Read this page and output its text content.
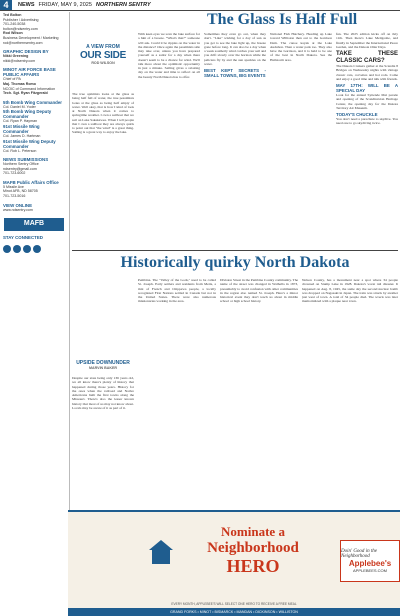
4	NEWS FRIDAY, MAY 9, 2025 NORTHERN SENTRY
Ted Bolton
Publisher / Advertising
701-240-5038
bolton@ndsentry.com
Rod Wilson
Business Development / Marketing
rod@northernsentry.com
GRAPHIC DESIGN BY
Nikki Greening
nikki@ndsentry.com
MINOT AIR FORCE BASE PUBLIC AFFAIRS
Chief of PA
Maj. Thomas Romo
NCOIC of Command Information
Tech. Sgt. Ryan Fitzgerald
5th Bomb Wing Commander
Col. Daniel M. Yoder
5th Bomb Wing Deputy Commander
Col. Ryan P. Hayman
91st Missile Wing Commander
Col. James D. Hartman
91st Missile Wing Deputy Commander
Col. Rob L. Peterson
NEWS SUBMISSIONS
Northern Sentry Office
ndsentry@gmail.com
701-723-6002
MAFB Public Affairs Office
5 Missile Ave
Minot AFB, ND 58705
701-723-5016
VIEW ONLINE
www.ndsentry.com
MAFB
STAY CONNECTED
The Glass Is Half Full
A VIEW FROM
OUR SIDE
ROD WILSON
The true optimists looks at the glass as being half full of water, the true pessimists looks at the glass as being half empty of water. Well okay, that is how I kind of look at North Dakota when it comes to springtime weather. I own a sailboat that we sail on Lake Sakakawea. When I tell people that I own a sailboat they are always quick to point out that "the wind" is a great thing. Sailing is a great way to enjoy the lake.
With keen eyes we scan the lake surface for a hint of a breeze. "What's that?" someone will ask. Could it be ripples on the water in the distance? Once again the pessimists side may take over, unless you have prepared yourself as a sailor for a day when there doesn't seem to be a chance for wind. We'll talk more about the optimistic opportunity in just a minute. Sailing gives a relaxing day on the water and time to reflect on all the beauty North Dakota has to offer.
Sometimes they even go out, when they don't. "Like" wishing for a day of sun as you get to see the lake light up, the breeze gone before long. It can also be a day when a weak southerly wind catches your sail and you drift slowly over the horizon while the pelicans fly by and the sun sparkles on the water.
BEST KEPT SECRETS - SMALL TOWNS, BIG EVENTS
National Fish Hatchery. Heading up Lake toward Williston then out to the Garrison Dam. The canoe kayak at the Lake Audubon. Then a water park too. They also have the Garrison, and it is held to be one of the best in North Dakota. See the Hailstorm area.
fun. The 2025 edition kicks off on July 11th. Then there's Lake Metigoshe, and finally in September the International Peace Garden, and the Dakota Oiler Days.
TAKE THESE CLASSIC CARS?
The Dakota Cruisers gather at the Scandia 8 Bridges on Wednesday nights with vintage classic cars, corvettes and hot rods. Come and enjoy a good time and talk with friends.
MAY 17TH: WILL BE A SPECIAL DAY
Look for the annual Syttende Mai parade and opening of the Scandinavian Heritage Center, the opening day for the Dakota Territory Air Museum.
TODAY'S CHUCKLE
You don't need a parachute to skydive. You need one to go skydiving twice.
Historically quirky North Dakota
UPSIDE DOWNUNDER
MARVIN BAKER
Despite our state being only 136 years old, we all know there's plenty of history that happened during those years. History for the ones when the railroad and Native Americans built the first towns along the Missouri. There's also the lesser known history that most of us may not know about. Locals may be aware of it as part of it.
Pembina. The "Valley of the Gods," used to be called St. Joseph. Early settlers and residents from Metis, a mix of French and Chippewa people, a locally recognized First Nations settled in Canada but not in the United States. There were also numerous missionaries working in the area.
Division Street in the Pembina County community. The name of the street was changed in Walhalla in 1873, presumably to avoid confusion with other communities in the region also named St. Joseph. Here's a minor historical event they don't teach us about in middle school or high school history.
Nelson County, has a monument near a spot where 34 people drowned on Stump Lake in 1928. Dakota's worst rail disaster. It happened on Aug. 8, 1945, the same day the second nuclear bomb was dropped on Nagasaki in Japan. The train was struck by another just west of town. A total of 34 people died. The wreck was later memorialized with a plaque near town.
Nominate a
Neighborhood
HERO
Doin' Good in the Neighborhood
Applebee's
APPLEBEES.COM
EVERY MONTH, APPLEBEE'S WILL SELECT ONE HERO TO RECEIVE A FREE MEAL
GRAND FORKS • MINOT • BISMARCK • MANDAN • DICKINSON • WILLISTON
